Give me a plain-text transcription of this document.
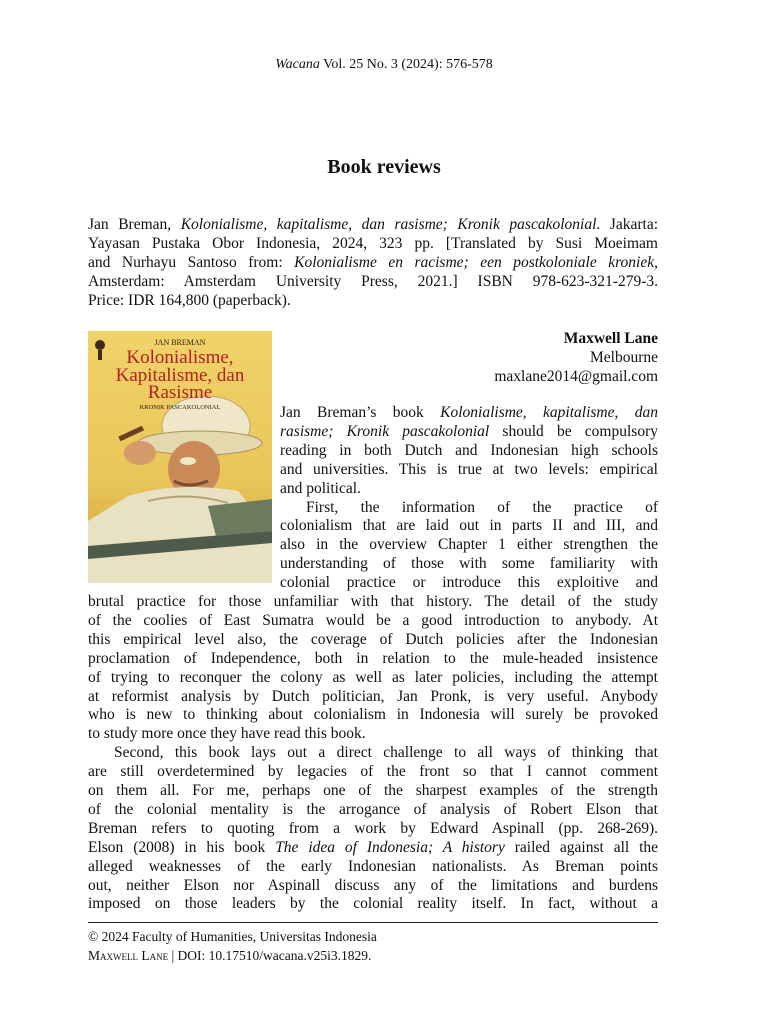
Wacana Vol. 25 No. 3 (2024): 576-578
Book reviews
Jan Breman, Kolonialisme, kapitalisme, dan rasisme; Kronik pascakolonial. Jakarta:
Yayasan Pustaka Obor Indonesia, 2024, 323 pp. [Translated by Susi Moeimam
and Nurhayu Santoso from: Kolonialisme en racisme; een postkoloniale kroniek,
Amsterdam: Amsterdam University Press, 2021.] ISBN 978-623-321-279-3.
Price: IDR 164,800 (paperback).
Maxwell Lane
Melbourne
maxlane2014@gmail.com
JAN BREMAN
Kolonialisme,
Kapitalisme, dan
Rasisme
KRONIK PASCAKOLONIAL	Jan Breman’s book Kolonialisme, kapitalisme, dan
rasisme; Kronik pascakolonial should be compulsory
reading in both Dutch and Indonesian high schools
and universities. This is true at two levels: empirical
and political.
First, the information of the practice of
colonialism that are laid out in parts II and III, and
also in the overview Chapter 1 either strengthen the
understanding of those with some familiarity with
colonial practice or introduce this exploitive and
brutal practice for those unfamiliar with that history. The detail of the study
of the coolies of East Sumatra would be a good introduction to anybody. At
this empirical level also, the coverage of Dutch policies after the Indonesian
proclamation of Independence, both in relation to the mule-headed insistence
of trying to reconquer the colony as well as later policies, including the attempt
at reformist analysis by Dutch politician, Jan Pronk, is very useful. Anybody
who is new to thinking about colonialism in Indonesia will surely be provoked
to study more once they have read this book.
Second, this book lays out a direct challenge to all ways of thinking that
are still overdetermined by legacies of the front so that I cannot comment
on them all. For me, perhaps one of the sharpest examples of the strength
of the colonial mentality is the arrogance of analysis of Robert Elson that
Breman refers to quoting from a work by Edward Aspinall (pp. 268-269).
Elson (2008) in his book The idea of Indonesia; A history railed against all the
alleged weaknesses of the early Indonesian nationalists. As Breman points
out, neither Elson nor Aspinall discuss any of the limitations and burdens
imposed on those leaders by the colonial reality itself. In fact, without a
© 2024 Faculty of Humanities, Universitas Indonesia
Maxwell Lane | DOI: 10.17510/wacana.v25i3.1829.
